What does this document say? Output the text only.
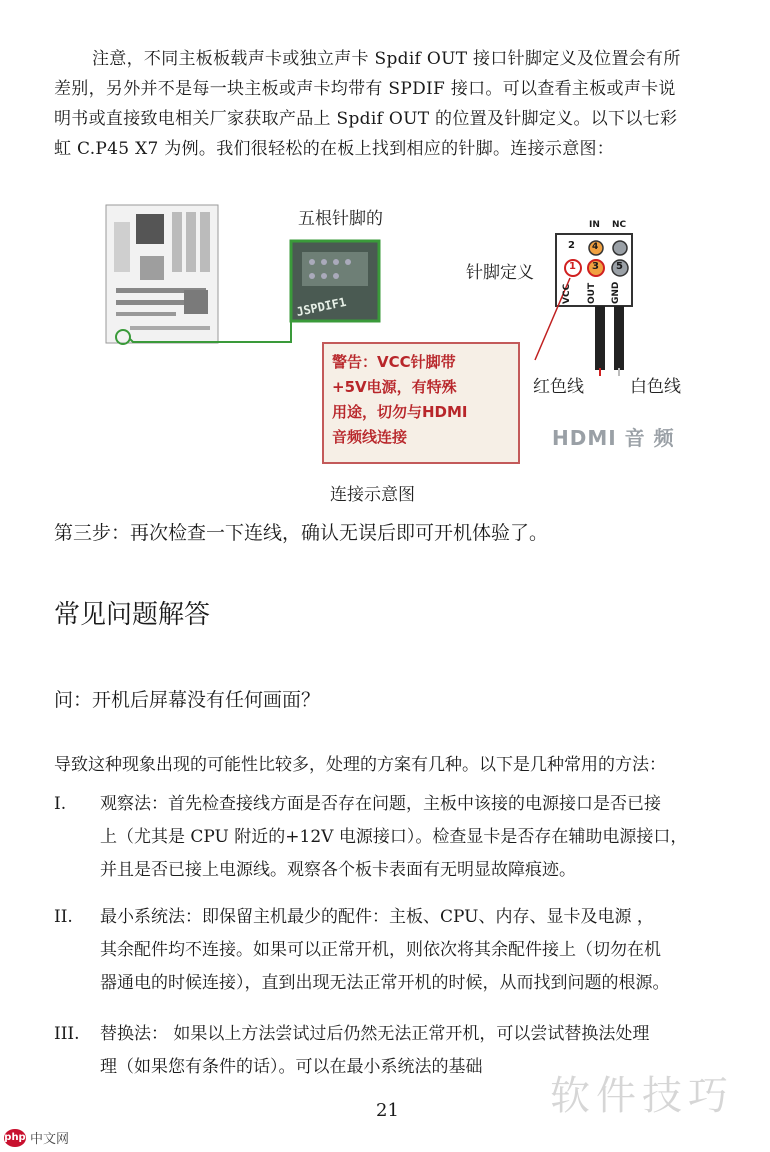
注意，不同主板板载声卡或独立声卡 Spdif OUT 接口针脚定义及位置会有所
差别，另外并不是每一块主板或声卡均带有 SPDIF 接口。可以查看主板或声卡说
明书或直接致电相关厂家获取产品上 Spdif OUT 的位置及针脚定义。以下以七彩
虹 C.P45 X7 为例。我们很轻松的在板上找到相应的针脚。连接示意图：
五根针脚的
JSPDIF1
针脚定义
2
IN NC
1
4
3 5
VCC OUT GND
警告：VCC针脚带
+5V电源，有特殊
用途，切勿与HDMI
音频线连接
红色线	白色线
HDMI 音 频
连接示意图
第三步：再次检查一下连线，确认无误后即可开机体验了。
常见问题解答
问：开机后屏幕没有任何画面？
导致这种现象出现的可能性比较多，处理的方案有几种。以下是几种常用的方法：
I.	观察法：首先检查接线方面是否存在问题，主板中该接的电源接口是否已接
上（尤其是 CPU 附近的+12V 电源接口）。检查显卡是否存在辅助电源接口，
并且是否已接上电源线。观察各个板卡表面有无明显故障痕迹。
II.	最小系统法：即保留主机最少的配件：主板、CPU、内存、显卡及电源 ，
其余配件均不连接。如果可以正常开机，则依次将其余配件接上（切勿在机
器通电的时候连接），直到出现无法正常开机的时候，从而找到问题的根源。
III.	替换法： 如果以上方法尝试过后仍然无法正常开机，可以尝试替换法处理
理（如果您有条件的话）。可以在最小系统法的基础
软件技巧
21
php 中文网
